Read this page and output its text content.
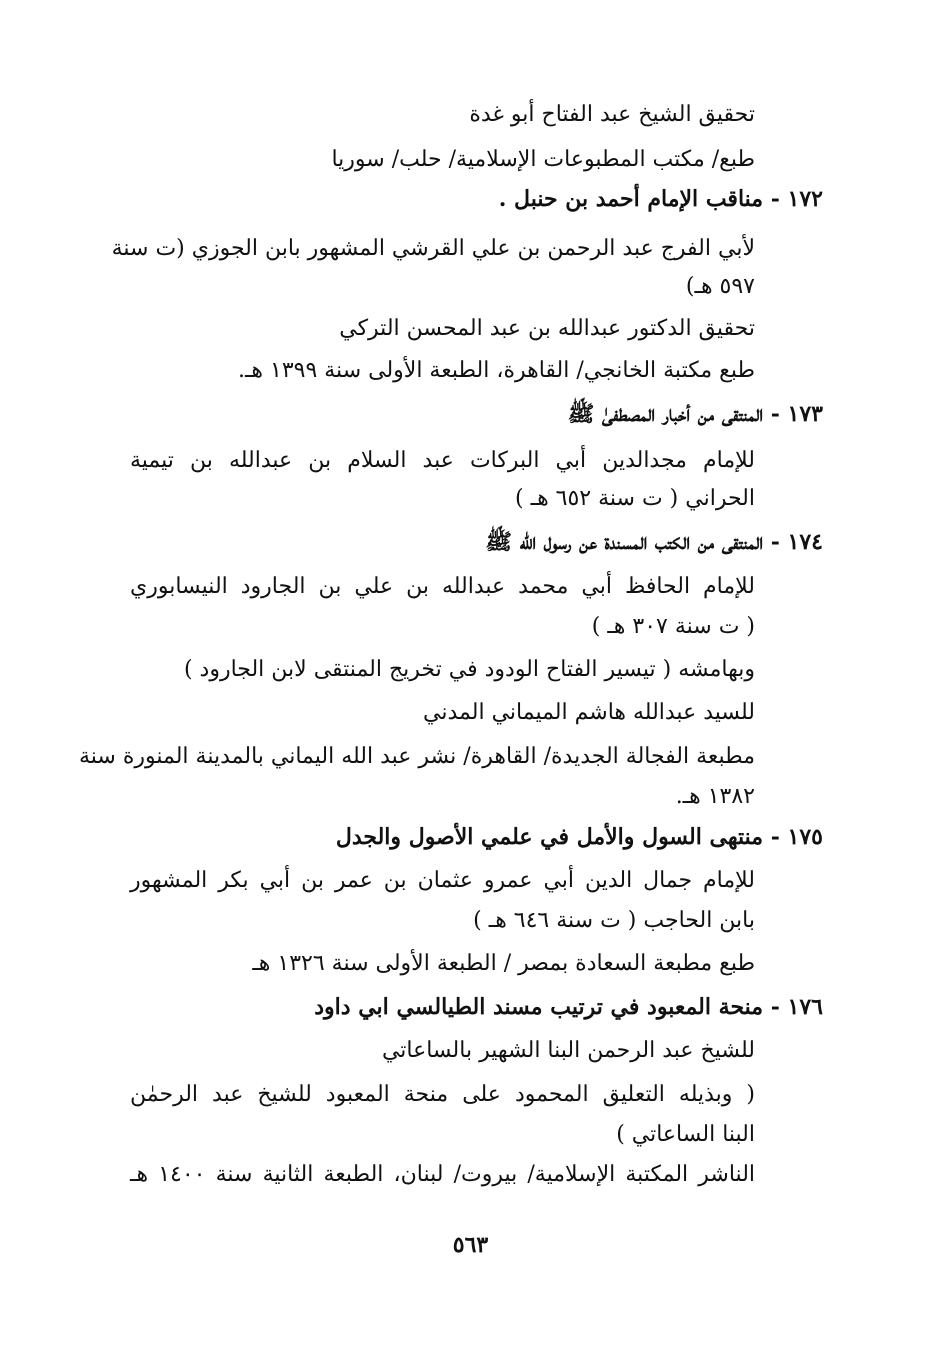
تحقيق الشيخ عبد الفتاح أبو غدة
طبع/ مكتب المطبوعات الإسلامية/ حلب/ سوريا
١٧٢ - مناقب الإمام أحمد بن حنبل .
لأبي الفرج عبد الرحمن بن علي القرشي المشهور بابن الجوزي (ت سنة
٥٩٧ هـ)
تحقيق الدكتور عبدالله بن عبد المحسن التركي
طبع مكتبة الخانجي/ القاهرة، الطبعة الأولى سنة ١٣٩٩ هـ.
١٧٣ - المنتقى من أخبار المصطفىٰ ﷺ
للإمام مجدالدين أبي البركات عبد السلام بن عبدالله بن تيمية
الحراني ( ت سنة ٦٥٢ هـ )
١٧٤ - المنتقى من الكتب المسندة عن رسول الله ﷺ
للإمام الحافظ أبي محمد عبدالله بن علي بن الجارود النيسابوري
( ت سنة ٣٠٧ هـ )
وبهامشه ( تيسير الفتاح الودود في تخريج المنتقى لابن الجارود )
للسيد عبدالله هاشم الميماني المدني
مطبعة الفجالة الجديدة/ القاهرة/ نشر عبد الله اليماني بالمدينة المنورة سنة
١٣٨٢ هـ.
١٧٥ - منتهى السول والأمل في علمي الأصول والجدل
للإمام جمال الدين أبي عمرو عثمان بن عمر بن أبي بكر المشهور
بابن الحاجب ( ت سنة ٦٤٦ هـ )
طبع مطبعة السعادة بمصر / الطبعة الأولى سنة ١٣٢٦ هـ
١٧٦ - منحة المعبود في ترتيب مسند الطيالسي ابي داود
للشيخ عبد الرحمن البنا الشهير بالساعاتي
( وبذيله التعليق المحمود على منحة المعبود للشيخ عبد الرحمٰن
البنا الساعاتي )
الناشر المكتبة الإسلامية/ بيروت/ لبنان، الطبعة الثانية سنة ١٤٠٠ هـ
٥٦٣
